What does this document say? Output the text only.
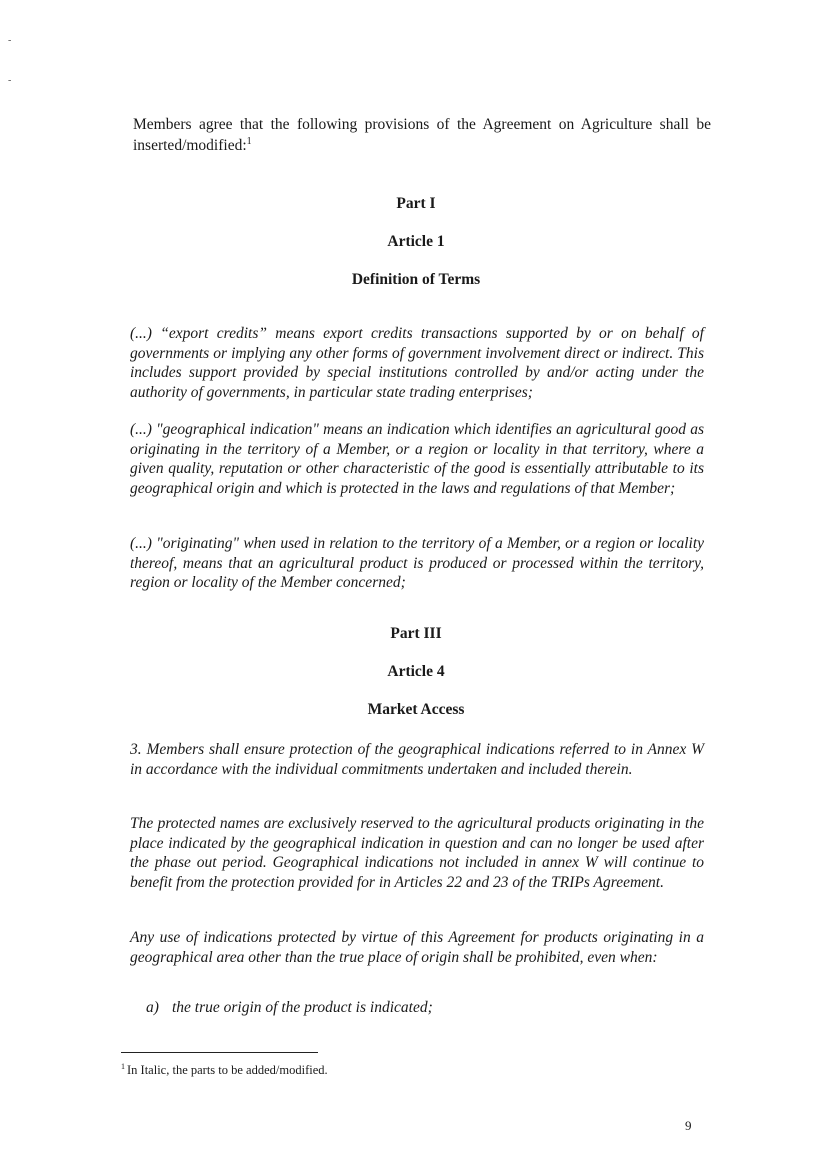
-
-

Members agree that the following provisions of the Agreement on Agriculture shall be inserted/modified:$^1$

Part I
Article 1
Definition of Terms

(...) “export credits” means export credits transactions supported by or on behalf of governments or implying any other forms of government involvement direct or indirect. This includes support provided by special institutions controlled by and/or acting under the authority of governments, in particular state trading enterprises;

(...) "geographical indication" means an indication which identifies an agricultural good as originating in the territory of a Member, or a region or locality in that territory, where a given quality, reputation or other characteristic of the good is essentially attributable to its geographical origin and which is protected in the laws and regulations of that Member;

(...) "originating" when used in relation to the territory of a Member, or a region or locality thereof, means that an agricultural product is produced or processed within the territory, region or locality of the Member concerned;

Part III
Article 4
Market Access

3. Members shall ensure protection of the geographical indications referred to in Annex W in accordance with the individual commitments undertaken and included therein.

The protected names are exclusively reserved to the agricultural products originating in the place indicated by the geographical indication in question and can no longer be used after the phase out period. Geographical indications not included in annex W will continue to benefit from the protection provided for in Articles 22 and 23 of the TRIPs Agreement.

Any use of indications protected by virtue of this Agreement for products originating in a geographical area other than the true place of origin shall be prohibited, even when:

a) the true origin of the product is indicated;
$^1$ In Italic, the parts to be added/modified.
9
